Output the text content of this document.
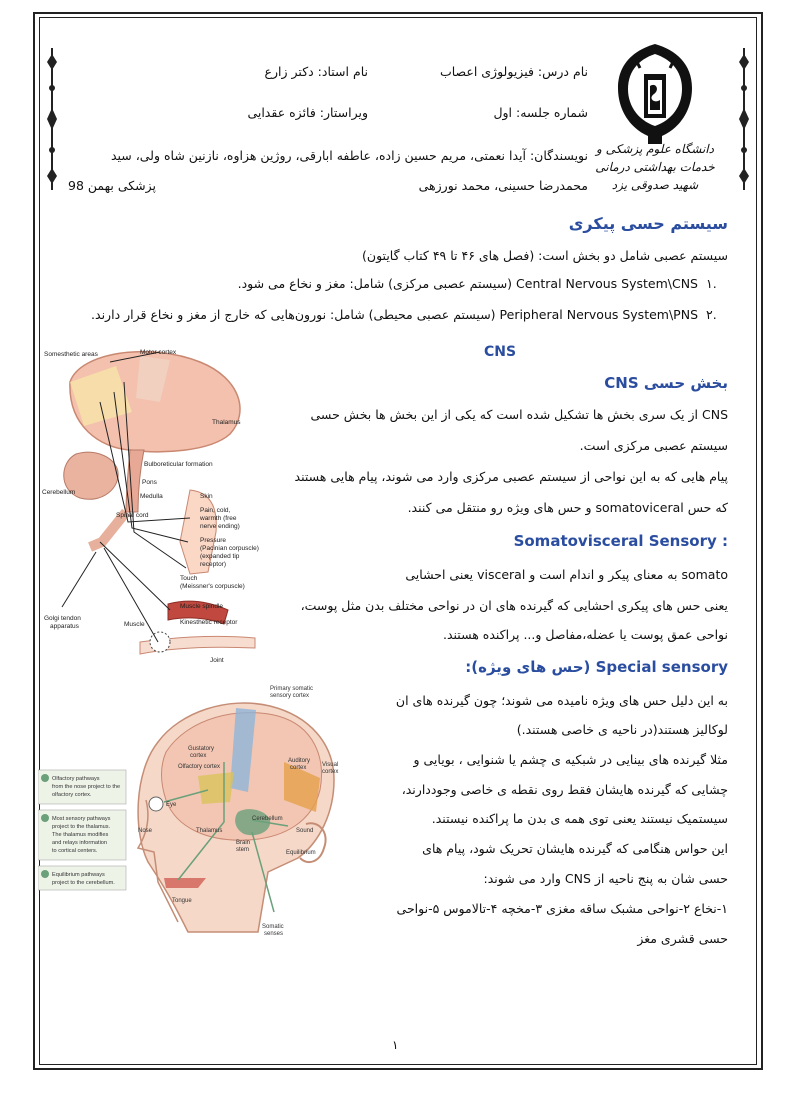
دانشگاه علوم پزشکی و خدمات بهداشتی درمانی شهید صدوقی یزد
نام درس: فیزیولوژی اعصاب
نام استاد: دکتر زارع
شماره جلسه: اول
ویراستار: فائزه عقدایی
نویسندگان: آیدا نعمتی، مریم حسین زاده، عاطفه ابارقی، روژین هزاوه، نازنین شاه ولی، سید
محمدرضا حسینی، محمد نورزهی
پزشکی بهمن 98
سیستم حسی پیکری
سیستم عصبی شامل دو بخش است: (فصل های ۴۶ تا ۴۹ کتاب گایتون)
۱.
Central Nervous System\CNS (سیستم عصبی مرکزی) شامل: مغز و نخاع می شود.
۲.
Peripheral Nervous System\PNS (سیستم عصبی محیطی) شامل: نورون‌هایی که خارج از مغز و نخاع قرار دارند.
CNS
بخش حسی CNS
CNS از یک سری بخش ها تشکیل شده است که یکی از این بخش ها بخش حسی
سیستم عصبی مرکزی است.
پیام هایی که به این نواحی از سیستم عصبی مرکزی وارد می شوند، پیام هایی هستند
که حس somatoviceral و حس های ویژه رو منتقل می کنند.
Somatovisceral Sensory :
somato به معنای پیکر و اندام است و visceral یعنی احشایی
یعنی حس های پیکری احشایی که گیرنده های ان در نواحی مختلف بدن مثل پوست،
نواحی عمق پوست یا عضله،مفاصل و... پراکنده هستند.
Special sensory (حس های ویژه):
به این دلیل حس های ویژه نامیده می شوند؛ چون گیرنده های ان
لوکالیز هستند(در ناحیه ی خاصی هستند.)
مثلا گیرنده های بینایی در شبکیه ی چشم یا شنوایی ، بویایی و
چشایی که گیرنده هایشان فقط روی نقطه ی خاصی وجوددارند،
سیستمیک نیستند یعنی توی همه ی بدن ما پراکنده نیستند.
این حواس هنگامی که گیرنده هایشان تحریک شود، پیام های
حسی شان به پنج ناحیه از CNS وارد می شوند:
۱-نخاع ۲-نواحی مشبک ساقه مغزی ۳-مخچه ۴-تالاموس ۵-نواحی
حسی قشری مغز
Somesthetic areas	Motor cortex
Thalamus
Bulboreticular formation
Cerebellum
Pons
Medulla
Spinal cord
Skin
Pain, cold,
warmth (free
nerve ending)
Pressure
(Pacinian corpuscle)
(expanded tip
receptor)
Touch
(Meissner's corpuscle)
Golgi tendon
apparatus
Muscle spindle
Muscle	Kinesthetic receptor
Joint
Primary somatic
sensory cortex
Gustatory
cortex
Olfactory cortex
Auditory
cortex	Visual
cortex
Eye
Nose	Thalamus
Cerebellum
Sound
Brain
stem	Equilibrium
Tongue
Somatic
senses
Olfactory pathways
from the nose project to the
olfactory cortex.
Most sensory pathways
project to the thalamus.
The thalamus modifies
and relays information
to cortical centers.
Equilibrium pathways
project to the cerebellum.
۱
